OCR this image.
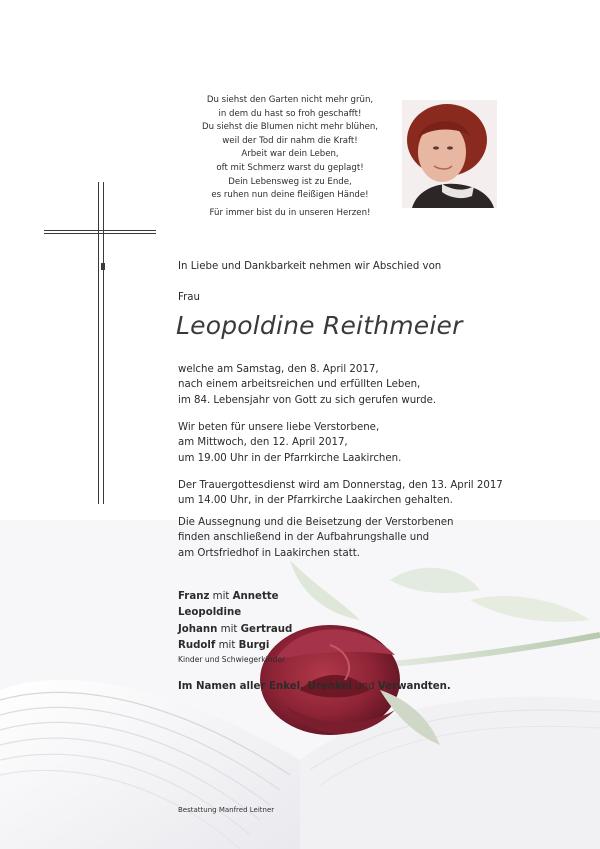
Du siehst den Garten nicht mehr grün,
in dem du hast so froh geschafft!
Du siehst die Blumen nicht mehr blühen,
weil der Tod dir nahm die Kraft!
Arbeit war dein Leben,
oft mit Schmerz warst du geplagt!
Dein Lebensweg ist zu Ende,
es ruhen nun deine fleißigen Hände!
Für immer bist du in unseren Herzen!
In Liebe und Dankbarkeit nehmen wir Abschied von
Frau
Leopoldine Reithmeier
welche am Samstag, den 8. April 2017,
nach einem arbeitsreichen und erfüllten Leben,
im 84. Lebensjahr von Gott zu sich gerufen wurde.
Wir beten für unsere liebe Verstorbene,
am Mittwoch, den 12. April 2017,
um 19.00 Uhr in der Pfarrkirche Laakirchen.
Der Trauergottesdienst wird am Donnerstag, den 13. April 2017
um 14.00 Uhr, in der Pfarrkirche Laakirchen gehalten.
Die Aussegnung und die Beisetzung der Verstorbenen
finden anschließend in der Aufbahrungshalle und
am Ortsfriedhof in Laakirchen statt.
Franz mit Annette
Leopoldine
Johann mit Gertraud
Rudolf mit Burgi
Kinder und Schwiegerkinder
Im Namen aller Enkel, Urenkel und Verwandten.
Bestattung Manfred Leitner
